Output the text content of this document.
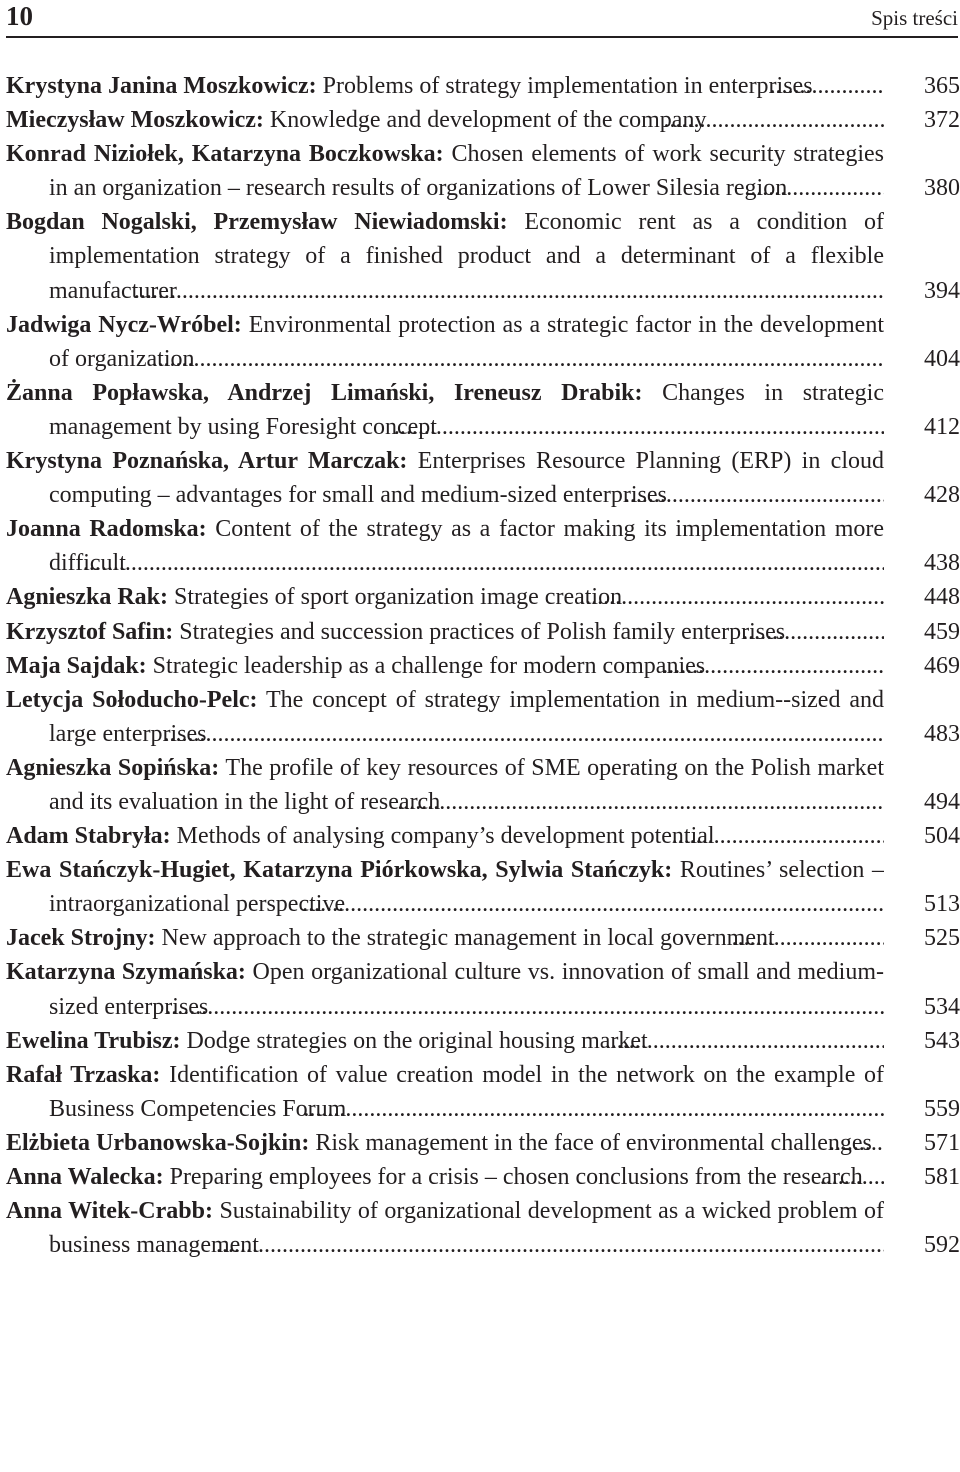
10	Spis treści
Krystyna Janina Moszkowicz: Problems of strategy implementation in enterprises	365
Mieczysław Moszkowicz: Knowledge and development of the company	372
Konrad Niziołek, Katarzyna Boczkowska: Chosen elements of work security strategies in an organization – research results of organizations of Lower Silesia region	380
Bogdan Nogalski, Przemysław Niewiadomski: Economic rent as a condition of implementation strategy of a finished product and a determinant of a flexible manufacturer	394
Jadwiga Nycz-Wróbel: Environmental protection as a strategic factor in the development of organization	404
Żanna Popławska, Andrzej Limański, Ireneusz Drabik: Changes in strategic management by using Foresight concept	412
Krystyna Poznańska, Artur Marczak: Enterprises Resource Planning (ERP) in cloud computing – advantages for small and medium-sized enterprises	428
Joanna Radomska: Content of the strategy as a factor making its implementation more difficult	438
Agnieszka Rak: Strategies of sport organization image creation	448
Krzysztof Safin: Strategies and succession practices of Polish family enterprises	459
Maja Sajdak: Strategic leadership as a challenge for modern companies	469
Letycja Sołoducho-Pelc: The concept of strategy implementation in medium--sized and large enterprises	483
Agnieszka Sopińska: The profile of key resources of SME operating on the Polish market and its evaluation in the light of research	494
Adam Stabryła: Methods of analysing company’s development potential	504
Ewa Stańczyk-Hugiet, Katarzyna Piórkowska, Sylwia Stańczyk: Routines’ selection – intraorganizational perspective	513
Jacek Strojny: New approach to the strategic management in local government	525
Katarzyna Szymańska: Open organizational culture vs. innovation of small and medium-sized enterprises	534
Ewelina Trubisz: Dodge strategies on the original housing market	543
Rafał Trzaska: Identification of value creation model in the network on the example of Business Competencies Forum	559
Elżbieta Urbanowska-Sojkin: Risk management in the face of environmental challenges	571
Anna Walecka: Preparing employees for a crisis – chosen conclusions from the research	581
Anna Witek-Crabb: Sustainability of organizational development as a wicked problem of business management	592
